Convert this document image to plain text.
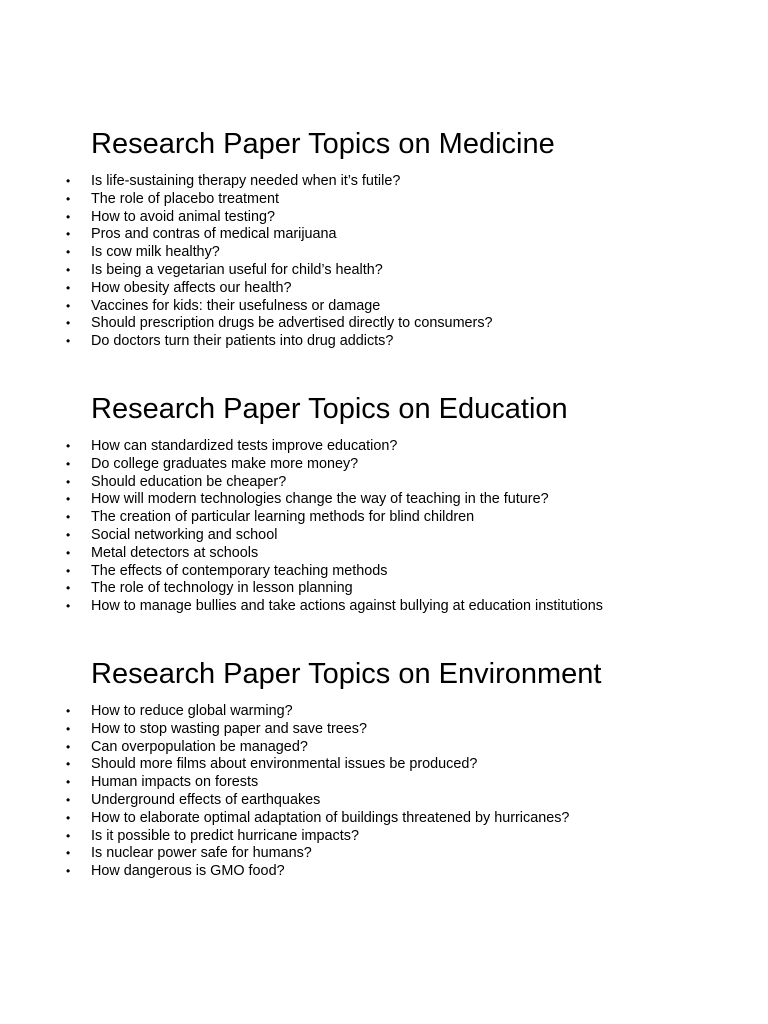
Research Paper Topics on Medicine
• Is life-sustaining therapy needed when it’s futile?
• The role of placebo treatment
• How to avoid animal testing?
• Pros and contras of medical marijuana
• Is cow milk healthy?
• Is being a vegetarian useful for child’s health?
• How obesity affects our health?
• Vaccines for kids: their usefulness or damage
• Should prescription drugs be advertised directly to consumers?
• Do doctors turn their patients into drug addicts?
Research Paper Topics on Education
• How can standardized tests improve education?
• Do college graduates make more money?
• Should education be cheaper?
• How will modern technologies change the way of teaching in the future?
• The creation of particular learning methods for blind children
• Social networking and school
• Metal detectors at schools
• The effects of contemporary teaching methods
• The role of technology in lesson planning
• How to manage bullies and take actions against bullying at education institutions
Research Paper Topics on Environment
• How to reduce global warming?
• How to stop wasting paper and save trees?
• Can overpopulation be managed?
• Should more films about environmental issues be produced?
• Human impacts on forests
• Underground effects of earthquakes
• How to elaborate optimal adaptation of buildings threatened by hurricanes?
• Is it possible to predict hurricane impacts?
• Is nuclear power safe for humans?
• How dangerous is GMO food?
